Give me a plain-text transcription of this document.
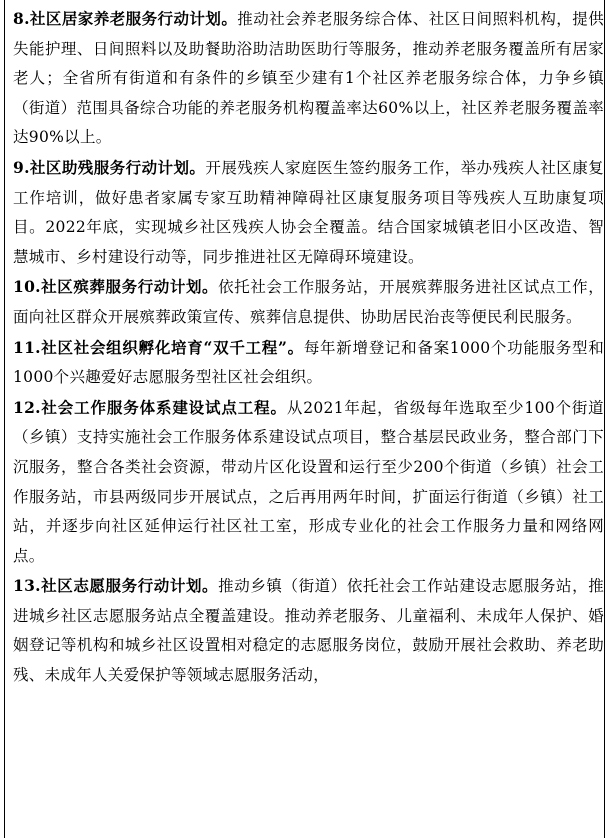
8.社区居家养老服务行动计划。推动社会养老服务综合体、社区日间照料机构，提供失能护理、日间照料以及助餐助浴助洁助医助行等服务，推动养老服务覆盖所有居家老人；全省所有街道和有条件的乡镇至少建有1个社区养老服务综合体，力争乡镇（街道）范围具备综合功能的养老服务机构覆盖率达60%以上，社区养老服务覆盖率达90%以上。

9.社区助残服务行动计划。开展残疾人家庭医生签约服务工作，举办残疾人社区康复工作培训，做好患者家属专家互助精神障碍社区康复服务项目等残疾人互助康复项目。2022年底，实现城乡社区残疾人协会全覆盖。结合国家城镇老旧小区改造、智慧城市、乡村建设行动等，同步推进社区无障碍环境建设。

10.社区殡葬服务行动计划。依托社会工作服务站，开展殡葬服务进社区试点工作，面向社区群众开展殡葬政策宣传、殡葬信息提供、协助居民治丧等便民利民服务。

11.社区社会组织孵化培育“双千工程”。每年新增登记和备案1000个功能服务型和1000个兴趣爱好志愿服务型社区社会组织。

12.社会工作服务体系建设试点工程。从2021年起，省级每年选取至少100个街道（乡镇）支持实施社会工作服务体系建设试点项目，整合基层民政业务，整合部门下沉服务，整合各类社会资源，带动片区化设置和运行至少200个街道（乡镇）社会工作服务站，市县两级同步开展试点，之后再用两年时间，扩面运行街道（乡镇）社工站，并逐步向社区延伸运行社区社工室，形成专业化的社会工作服务力量和网络网点。

13.社区志愿服务行动计划。推动乡镇（街道）依托社会工作站建设志愿服务站，推进城乡社区志愿服务站点全覆盖建设。推动养老服务、儿童福利、未成年人保护、婚姻登记等机构和城乡社区设置相对稳定的志愿服务岗位，鼓励开展社会救助、养老助残、未成年人关爱保护等领域志愿服务活动，
